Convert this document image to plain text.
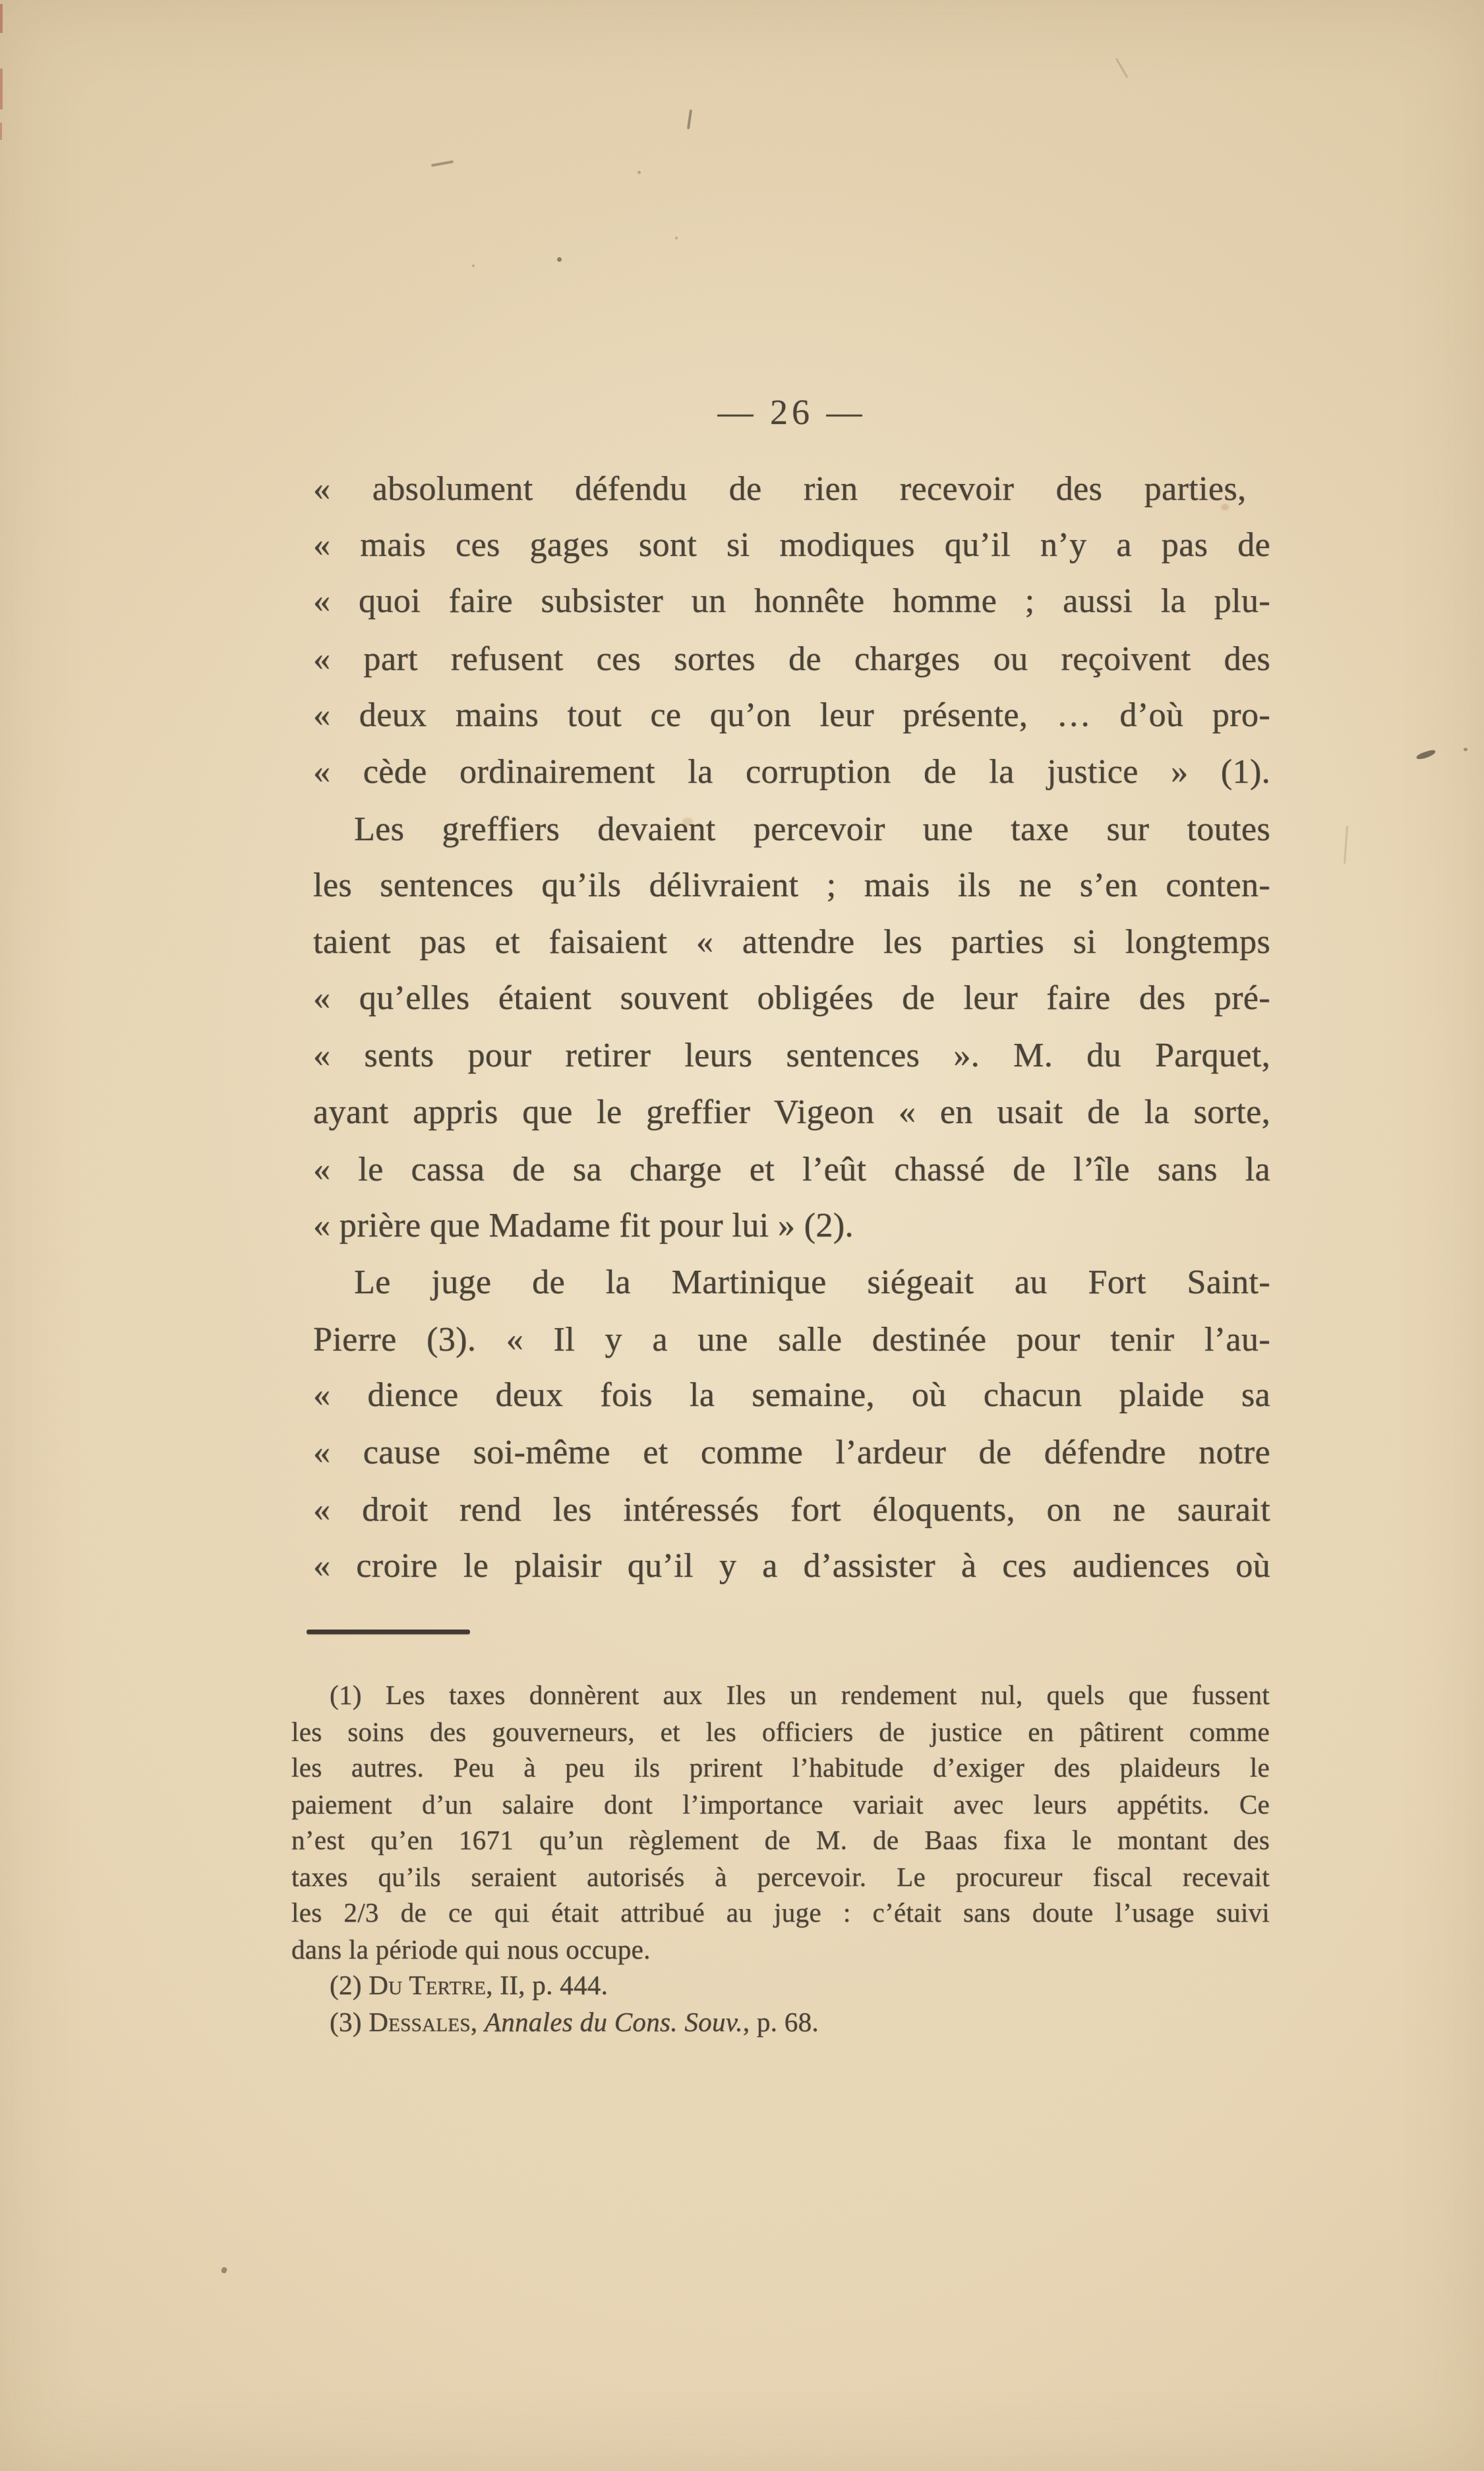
— 26 —
« absolument défendu de rien recevoir des parties,
« mais ces gages sont si modiques qu’il n’y a pas de
« quoi faire subsister un honnête homme ; aussi la plu-
« part refusent ces sortes de charges ou reçoivent des
« deux mains tout ce qu’on leur présente, … d’où pro-
« cède ordinairement la corruption de la justice » (1).
Les greffiers devaient percevoir une taxe sur toutes
les sentences qu’ils délivraient ; mais ils ne s’en conten-
taient pas et faisaient « attendre les parties si longtemps
« qu’elles étaient souvent obligées de leur faire des pré-
« sents pour retirer leurs sentences ». M. du Parquet,
ayant appris que le greffier Vigeon « en usait de la sorte,
« le cassa de sa charge et l’eût chassé de l’île sans la
« prière que Madame fit pour lui » (2).
Le juge de la Martinique siégeait au Fort Saint-
Pierre (3). « Il y a une salle destinée pour tenir l’au-
« dience deux fois la semaine, où chacun plaide sa
« cause soi-même et comme l’ardeur de défendre notre
« droit rend les intéressés fort éloquents, on ne saurait
« croire le plaisir qu’il y a d’assister à ces audiences où
(1) Les taxes donnèrent aux Iles un rendement nul, quels que fussent
les soins des gouverneurs, et les officiers de justice en pâtirent comme
les autres. Peu à peu ils prirent l’habitude d’exiger des plaideurs le
paiement d’un salaire dont l’importance variait avec leurs appétits. Ce
n’est qu’en 1671 qu’un règlement de M. de Baas fixa le montant des
taxes qu’ils seraient autorisés à percevoir. Le procureur fiscal recevait
les 2/3 de ce qui était attribué au juge : c’était sans doute l’usage suivi
dans la période qui nous occupe.
(2) Du Tertre, II, p. 444.
(3) Dessales, Annales du Cons. Souv., p. 68.
